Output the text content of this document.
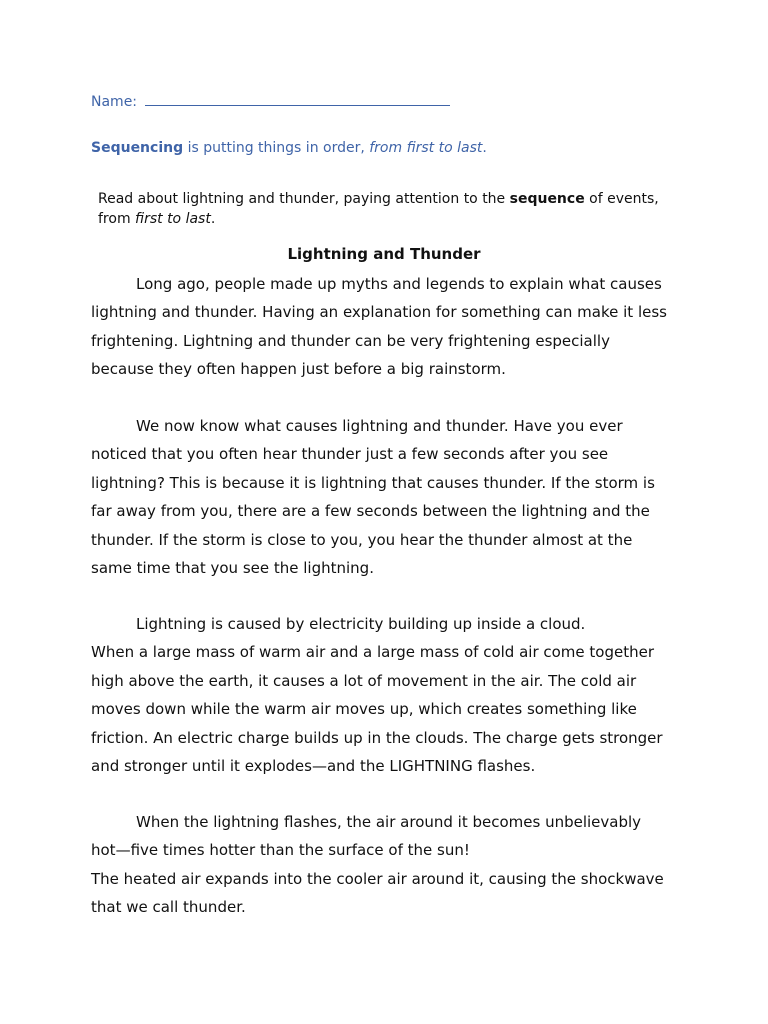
Name:
Sequencing is putting things in order, from first to last.
Read about lightning and thunder, paying attention to the sequence of events,
from first to last.
Lightning and Thunder
Long ago, people made up myths and legends to explain what causes
lightning and thunder. Having an explanation for something can make it less
frightening. Lightning and thunder can be very frightening especially
because they often happen just before a big rainstorm.
We now know what causes lightning and thunder. Have you ever
noticed that you often hear thunder just a few seconds after you see
lightning? This is because it is lightning that causes thunder. If the storm is
far away from you, there are a few seconds between the lightning and the
thunder. If the storm is close to you, you hear the thunder almost at the
same time that you see the lightning.
Lightning is caused by electricity building up inside a cloud.
When a large mass of warm air and a large mass of cold air come together
high above the earth, it causes a lot of movement in the air. The cold air
moves down while the warm air moves up, which creates something like
friction. An electric charge builds up in the clouds. The charge gets stronger
and stronger until it explodes—and the LIGHTNING flashes.
When the lightning flashes, the air around it becomes unbelievably
hot—five times hotter than the surface of the sun!
The heated air expands into the cooler air around it, causing the shockwave
that we call thunder.
